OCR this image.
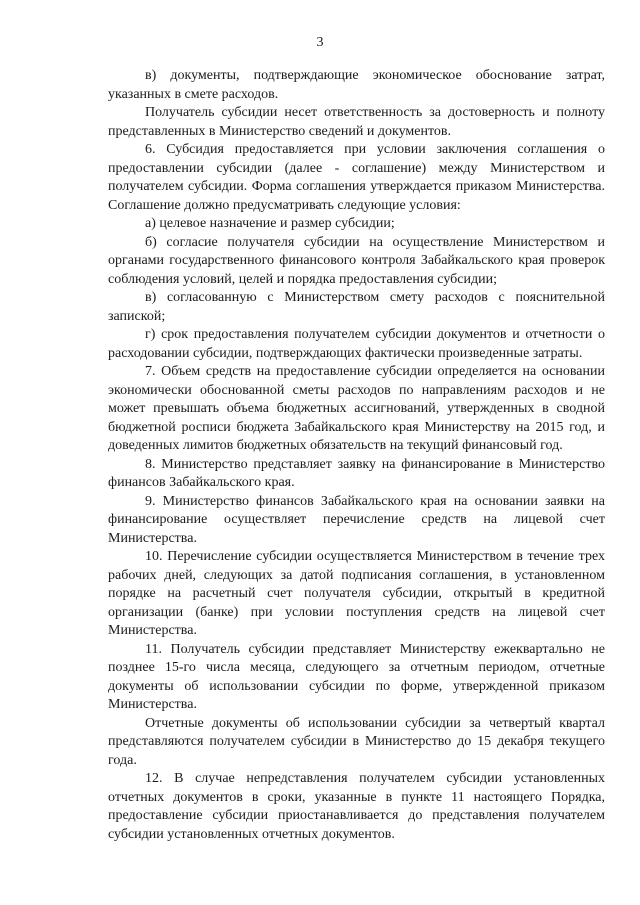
3

в) документы, подтверждающие экономическое обоснование затрат, указанных в смете расходов.

Получатель субсидии несет ответственность за достоверность и полноту представленных в Министерство сведений и документов.

6. Субсидия предоставляется при условии заключения соглашения о предоставлении субсидии (далее - соглашение) между Министерством и получателем субсидии. Форма соглашения утверждается приказом Министерства. Соглашение должно предусматривать следующие условия:

а) целевое назначение и размер субсидии;

б) согласие получателя субсидии на осуществление Министерством и органами государственного финансового контроля Забайкальского края проверок соблюдения условий, целей и порядка предоставления субсидии;

в) согласованную с Министерством смету расходов с пояснительной запиской;

г) срок предоставления получателем субсидии документов и отчетности о расходовании субсидии, подтверждающих фактически произведенные затраты.

7. Объем средств на предоставление субсидии определяется на основании экономически обоснованной сметы расходов по направлениям расходов и не может превышать объема бюджетных ассигнований, утвержденных в сводной бюджетной росписи бюджета Забайкальского края Министерству на 2015 год, и доведенных лимитов бюджетных обязательств на текущий финансовый год.

8. Министерство представляет заявку на финансирование в Министерство финансов Забайкальского края.

9. Министерство финансов Забайкальского края на основании заявки на финансирование осуществляет перечисление средств на лицевой счет Министерства.

10. Перечисление субсидии осуществляется Министерством в течение трех рабочих дней, следующих за датой подписания соглашения, в установленном порядке на расчетный счет получателя субсидии, открытый в кредитной организации (банке) при условии поступления средств на лицевой счет Министерства.

11. Получатель субсидии представляет Министерству ежеквартально не позднее 15-го числа месяца, следующего за отчетным периодом, отчетные документы об использовании субсидии по форме, утвержденной приказом Министерства.

Отчетные документы об использовании субсидии за четвертый квартал представляются получателем субсидии в Министерство до 15 декабря текущего года.

12. В случае непредставления получателем субсидии установленных отчетных документов в сроки, указанные в пункте 11 настоящего Порядка, предоставление субсидии приостанавливается до представления получателем субсидии установленных отчетных документов.
